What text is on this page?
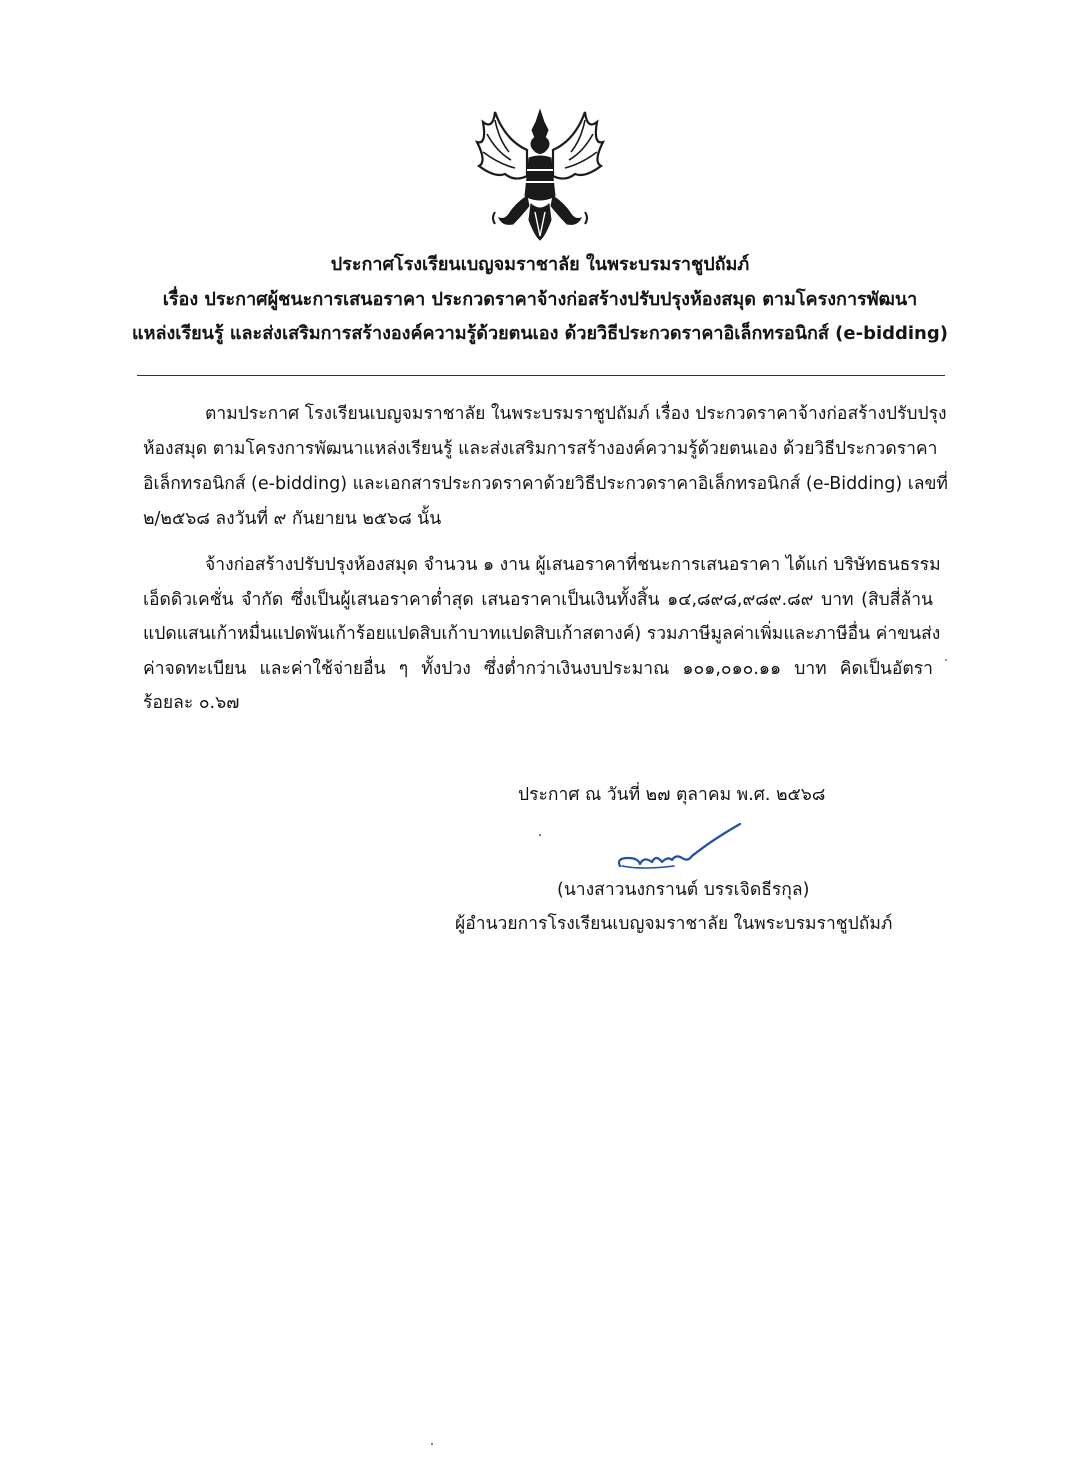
ประกาศโรงเรียนเบญจมราชาลัย ในพระบรมราชูปถัมภ์
เรื่อง ประกาศผู้ชนะการเสนอราคา ประกวดราคาจ้างก่อสร้างปรับปรุงห้องสมุด ตามโครงการพัฒนา
แหล่งเรียนรู้ และส่งเสริมการสร้างองค์ความรู้ด้วยตนเอง ด้วยวิธีประกวดราคาอิเล็กทรอนิกส์ (e-bidding)
ตามประกาศ โรงเรียนเบญจมราชาลัย ในพระบรมราชูปถัมภ์ เรื่อง ประกวดราคาจ้างก่อสร้างปรับปรุง
ห้องสมุด ตามโครงการพัฒนาแหล่งเรียนรู้ และส่งเสริมการสร้างองค์ความรู้ด้วยตนเอง ด้วยวิธีประกวดราคา
อิเล็กทรอนิกส์ (e-bidding) และเอกสารประกวดราคาด้วยวิธีประกวดราคาอิเล็กทรอนิกส์ (e-Bidding) เลขที่
๒/๒๕๖๘ ลงวันที่ ๙ กันยายน ๒๕๖๘ นั้น
จ้างก่อสร้างปรับปรุงห้องสมุด จำนวน ๑ งาน ผู้เสนอราคาที่ชนะการเสนอราคา ได้แก่ บริษัทธนธรรม
เอ็ดดิวเคชั่น จำกัด ซึ่งเป็นผู้เสนอราคาต่ำสุด เสนอราคาเป็นเงินทั้งสิ้น ๑๔,๘๙๘,๙๘๙.๘๙ บาท (สิบสี่ล้าน
แปดแสนเก้าหมื่นแปดพันเก้าร้อยแปดสิบเก้าบาทแปดสิบเก้าสตางค์) รวมภาษีมูลค่าเพิ่มและภาษีอื่น ค่าขนส่ง
ค่าจดทะเบียน และค่าใช้จ่ายอื่น ๆ ทั้งปวง ซึ่งต่ำกว่าเงินงบประมาณ ๑๐๑,๐๑๐.๑๑ บาท คิดเป็นอัตรา
ร้อยละ ๐.๖๗
ประกาศ ณ วันที่ ๒๗ ตุลาคม พ.ศ. ๒๕๖๘
(นางสาวนงกรานต์ บรรเจิดธีรกุล)
ผู้อำนวยการโรงเรียนเบญจมราชาลัย ในพระบรมราชูปถัมภ์
